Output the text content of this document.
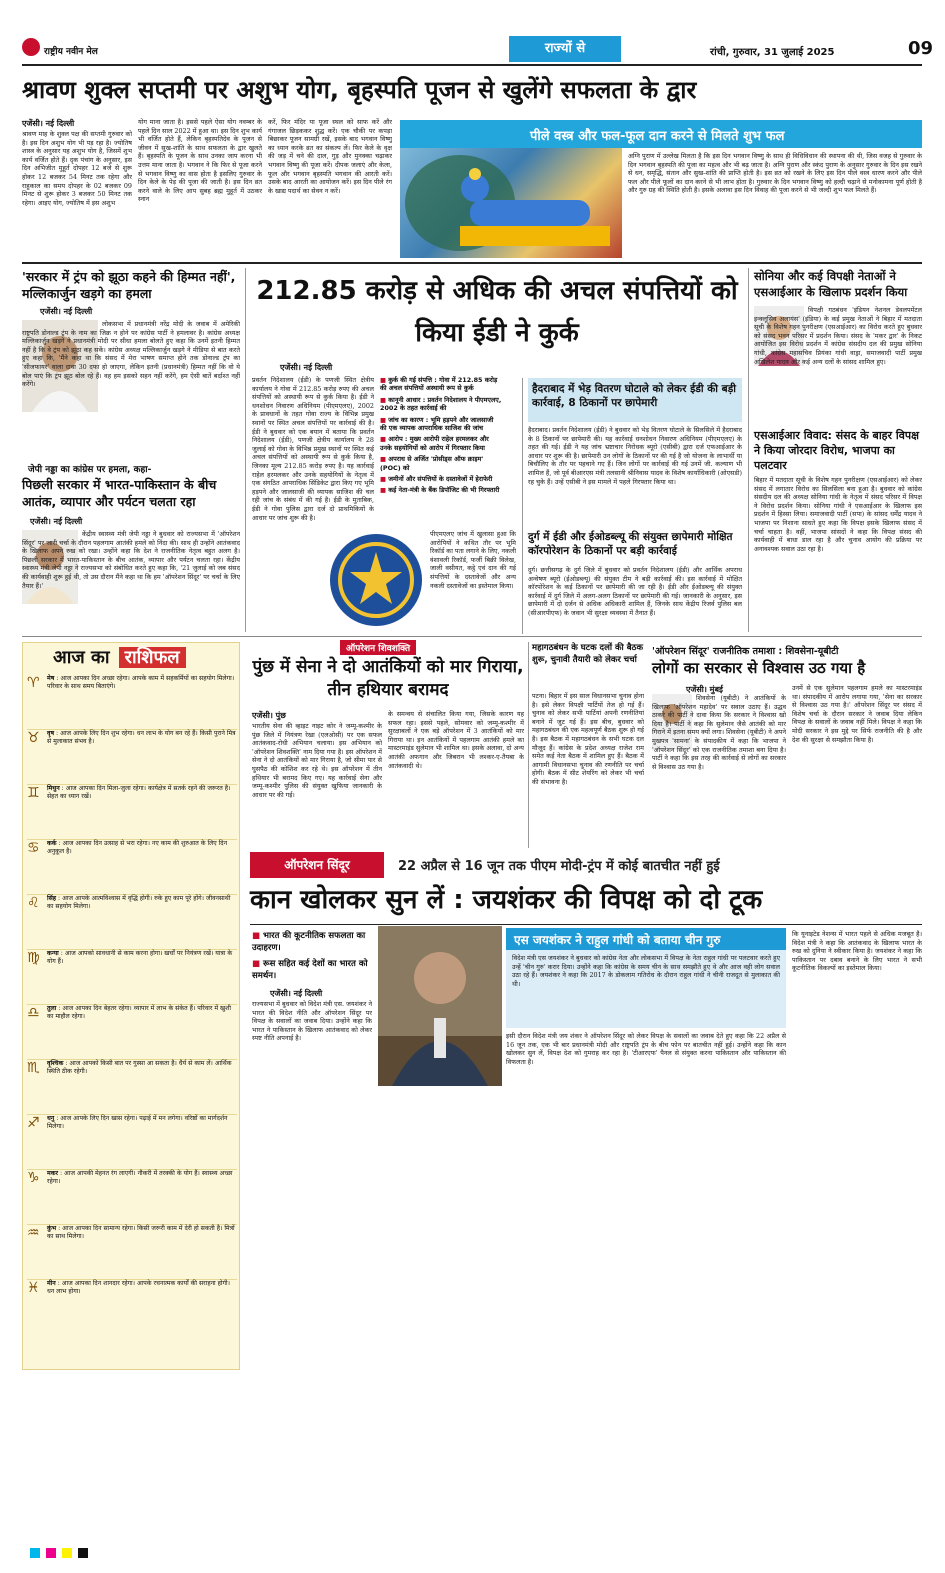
राष्ट्रीय नवीन मेल	राज्यों से	रांची, गुरुवार, 31 जुलाई 2025	09
श्रावण शुक्ल सप्तमी पर अशुभ योग, बृहस्पति पूजन से खुलेंगे सफलता के द्वार
एजेंसी। नई दिल्ली
श्रावण माह के शुक्ल पक्ष की सप्तमी गुरुवार को है। इस दिन अशुभ योग भी पड़ रहा है। ज्योतिष शास्त्र के अनुसार यह अशुभ योग है, जिसमें शुभ कार्य वर्जित होते हैं। दृक पंचांग के अनुसार, इस दिन अभिजीत मुहूर्त दोपहर 12 बजे से शुरू होकर 12 बजकर 54 मिनट तक रहेगा और राहुकाल का समय दोपहर के 02 बजकर 09 मिनट से शुरू होकर 3 बजकर 50 मिनट तक रहेगा। आइए योग, ज्योतिष में इस अशुभ
योग माना जाता है। इससे पहले ऐसा योग नवम्बर के पहले दिन साल 2022 में हुआ था। इस दिन शुभ कार्य भी वर्जित होते हैं, लेकिन बृहस्पतिदेव के पूजन से जीवन में सुख-शांति के साथ सफलता के द्वार खुलते हैं। बृहस्पति के पूजन के साथ उनका जाप करना भी उत्तम माना जाता है। भगवान ने कि फिर से पूजा करने से भगवान विष्णु का वास होता है इसलिए गुरुवार के दिन केले के पेड़ की पूजा की जाती है। इस दिन व्रत करने वाले के लिए आप सुबह ब्रह्म मुहूर्त में उठकर स्नान
करें, फिर मंदिर या पूजा स्थल को साफ करें और गंगाजल छिड़ककर शुद्ध करें। एक चौकी पर कपड़ा बिछाकर पूजन सामग्री रखें, इसके बाद भगवान विष्णु का ध्यान करके व्रत का संकल्प लें। फिर केले के वृक्ष की जड़ में चने की दाल, गुड़ और मुनक्का चढ़ाकर भगवान विष्णु की पूजा करें। दीपक जलाएं और केला, फूल और भगवान बृहस्पति भगवान की आरती करें। उसके बाद आरती का आयोजन करें। इस दिन पीले रंग के खाद्य पदार्थ का सेवन न करें।
पीले वस्त्र और फल-फूल दान करने से मिलते शुभ फल
अग्नि पुराण में उल्लेख मिलता है कि इस दिन भगवान विष्णु के साथ ही विधिविधान की स्थापना की थी, जिस वजह से गुरुवार के दिन भगवान बृहस्पति की पूजा का महत्व और भी बढ़ जाता है। अग्नि पुराण और स्कंद पुराण के अनुसार गुरुवार के दिन इस रखने से धन, समृद्धि, संतान और सुख-शांति की प्राप्ति होती है। इस व्रत को रखने के लिए इस दिन पीले वस्त्र धारण करने और पीले फल और पीले फूलों का दान करने से भी लाभ होता है। गुरुवार के दिन भगवान विष्णु को हल्दी चढ़ाने से मनोकामना पूर्ण होती है और गुरु ग्रह की स्थिति होती है। इसके अलावा इस दिन विवाह की पूजा करने से भी जल्दी शुभ फल मिलते हैं।
'सरकार में ट्रंप को झूठा कहने की हिम्मत नहीं', मल्लिकार्जुन खड़गे का हमला
एजेंसी। नई दिल्ली
लोकसभा में प्रधानमंत्री नरेंद्र मोदी के जवाब में अमेरिकी राष्ट्रपति डोनाल्ड ट्रंप के नाम का जिक्र न होने पर कांग्रेस पार्टी ने हमलावर है। कांग्रेस अध्यक्ष मल्लिकार्जुन खड़गे ने प्रधानमंत्री मोदी पर सीधा हमला बोलते हुए कहा कि उनमें इतनी हिम्मत नहीं है कि वे ट्रंप को झूठा कह सकें। कांग्रेस अध्यक्ष मल्लिकार्जुन खड़गे ने मीडिया से बात करते हुए कहा कि, 'मैंने कहा था कि संसद में मेरा भाषण समाप्त होने तक डोनाल्ड ट्रंप का 'सीजफायर' वाला दावा 30 दफा हो जाएगा, लेकिन इतनी (प्रधानमंत्री) हिम्मत नहीं कि वो ये बोल पाएं कि ट्रंप झूठ बोल रहे हैं। वह हम इसको सहन नहीं करेंगे, हम ऐसी बातें बर्दाश्त नहीं करेंगे।
जेपी नड्डा का कांग्रेस पर हमला, कहा-
पिछली सरकार में भारत-पाकिस्तान के बीच आतंक, व्यापार और पर्यटन चलता रहा
एजेंसी। नई दिल्ली
केंद्रीय स्वास्थ्य मंत्री जेपी नड्डा ने बुधवार को राज्यसभा में 'ऑपरेशन सिंदूर' पर जारी चर्चा के दौरान पहलगाम आतंकी हमले को निंदा की। साथ ही उन्होंने आतंकवाद के खिलाफ अपने रुख को रखा। उन्होंने कहा कि देश ने राजनीतिक नेतृत्व बहुत अलग है। पिछली सरकार में भारत-पाकिस्तान के बीच आतंक, व्यापार और पर्यटन चलता रहा। केंद्रीय स्वास्थ्य मंत्री जेपी नड्डा ने राज्यसभा को संबोधित करते हुए कहा कि, '21 जुलाई को जब संसद की कार्यवाही शुरू हुई थी, तो उस दौरान मैंने कहा था कि हम 'ऑपरेशन सिंदूर' पर चर्चा के लिए तैयार हैं।'
212.85 करोड़ से अधिक की अचल संपत्तियों को किया ईडी ने कुर्क
एजेंसी। नई दिल्ली
प्रवर्तन निदेशालय (ईडी) के पणजी स्थित क्षेत्रीय कार्यालय ने गोवा में 212.85 करोड़ रुपए की अचल संपत्तियों को अस्थायी रूप से कुर्क किया है। ईडी ने धनशोधन निवारण अधिनियम (पीएमएलए), 2002 के प्रावधानों के तहत गोवा राज्य के विभिन्न प्रमुख स्थानों पर स्थित अचल संपत्तियों पर कार्रवाई की है। ईडी ने बुधवार को एक बयान में बताया कि प्रवर्तन निदेशालय (ईडी), पणजी क्षेत्रीय कार्यालय ने 28 जुलाई को गोवा के विभिन्न प्रमुख स्थानों पर स्थित कई अचल संपत्तियों को अस्थायी रूप से कुर्क किया है, जिनका मूल्य 212.85 करोड़ रुपए है। यह कार्रवाई राहेल हरमलकर और उनके सहयोगियों के नेतृत्व में एक संगठित आपराधिक सिंडिकेट द्वारा किए गए भूमि हड़पने और जालसाजी की व्यापक साजिश की चल रही जांच के संबंध में की गई है। ईडी के मुताबिक, ईडी ने गोवा पुलिस द्वारा दर्ज दो प्राथमिकियों के आधार पर जांच शुरू की है।
■ कुर्क की गई संपत्ति : गोवा में 212.85 करोड़ की अचल संपत्तियों अस्थायी रूप से कुर्क
■ कानूनी आधार : प्रवर्तन निदेशालय ने पीएमएलए, 2002 के तहत कार्रवाई की
■ जांच का कारण : भूमि हड़पने और जालसाजी की एक व्यापक आपराधिक साजिश की जांच
■ आरोप : मुख्य आरोपी राहेल हरमलकर और उनके सहयोगियों को आरोप में गिरफ्तार किया
■ अपराध से अर्जित 'प्रोसीड्स ऑफ क्राइम' (POC) को
■ जमीनों और संपत्तियों के दस्तावेजों में हेराफेरी
■ कई नेता-मंत्री के बैंक डिपॉजिट की भी गिरफ्तारी
पीएमएलए जांच में खुलासा हुआ कि आरोपियों ने कथित तौर पर भूमि रिकॉर्ड का पता लगाने के लिए, नकली वंशावली रिकॉर्ड, फर्जी बिक्री विलेख, जाली वसीयत, कट्ठे एवं दान की गई संपत्तियों के दस्तावेजों और अन्य नकली दस्तावेजों का इस्तेमाल किया।
हैदराबाद में भेड़ वितरण घोटाले को लेकर ईडी की बड़ी कार्रवाई, 8 ठिकानों पर छापेमारी
हैदराबाद। प्रवर्तन निदेशालय (ईडी) ने बुधवार को भेड़ वितरण घोटाले के सिलसिले में हैदराबाद के 8 ठिकानों पर छापेमारी की। यह कार्रवाई धनशोधन निवारण अधिनियम (पीएमएलए) के तहत की गई। ईडी ने यह जांच भ्रष्टाचार निरोधक ब्यूरो (एसीबी) द्वारा दर्ज एफआईआर के आधार पर शुरू की है। छापेमारी उन लोगों के ठिकानों पर की गई है जो योजना के लाभार्थी या बिचौलिए के तौर पर पहचाने गए हैं। जिन लोगों पर कार्रवाई की गई उनमें जी. कल्याण भी शामिल हैं, जो पूर्व बीआरएस मंत्री तलसानी श्रीनिवास यादव के विशेष कार्याधिकारी (ओएसडी) रह चुके हैं। उन्हें एसीबी ने इस मामले में पहले गिरफ्तार किया था।
दुर्ग में ईडी और ईओडब्ल्यू की संयुक्त छापेमारी मोक्षित कॉरपोरेशन के ठिकानों पर बड़ी कार्रवाई
दुर्ग। छत्तीसगढ़ के दुर्ग जिले में बुधवार को प्रवर्तन निदेशालय (ईडी) और आर्थिक अपराध अन्वेषण ब्यूरो (ईओडब्ल्यू) की संयुक्त टीम ने बड़ी कार्रवाई की। इस कार्रवाई में मोक्षित कॉरपोरेशन के कई ठिकानों पर छापेमारी की जा रही है। ईडी और ईओडब्ल्यू की संयुक्त कार्रवाई में दुर्ग जिले में अलग-अलग ठिकानों पर छापेमारी की गई। जानकारी के अनुसार, इस छापेमारी में दो दर्जन से अधिक अधिकारी शामिल हैं, जिनके साथ केंद्रीय रिजर्व पुलिस बल (सीआरपीएफ) के जवान भी सुरक्षा व्यवस्था में तैनात हैं।
सोनिया और कई विपक्षी नेताओं ने एसआईआर के खिलाफ प्रदर्शन किया
विपक्षी गठबंधन 'इंडियन नेशनल डेवलपमेंटल इन्क्लूसिव अलायंस' (इंडिया) के कई प्रमुख नेताओं ने बिहार में मतदाता सूची के विशेष गहन पुनरीक्षण (एसआईआर) का विरोध करते हुए बुधवार को संसद भवन परिसर में प्रदर्शन किया। संसद के 'मकर द्वार' के निकट आयोजित इस विरोध प्रदर्शन में कांग्रेस संसदीय दल की प्रमुख सोनिया गांधी, कांग्रेस महासचिव प्रियंका गांधी वाड्रा, समाजवादी पार्टी प्रमुख अखिलेश यादव और कई अन्य दलों के सांसद शामिल हुए।
एसआईआर विवाद: संसद के बाहर विपक्ष ने किया जोरदार विरोध, भाजपा का पलटवार
बिहार में मतदाता सूची के विशेष गहन पुनरीक्षण (एसआईआर) को लेकर संसद में लगातार विरोध का सिलसिला बना हुआ है। बुधवार को कांग्रेस संसदीय दल की अध्यक्ष सोनिया गांधी के नेतृत्व में संसद परिसर में विपक्ष ने विरोध प्रदर्शन किया। सोनिया गांधी ने एसआईआर के खिलाफ इस प्रदर्शन में हिस्सा लिया। समाजवादी पार्टी (सपा) के सांसद धर्मेंद्र यादव ने भाजपा पर निशाना साधते हुए कहा कि विपक्ष इसके खिलाफ संसद में चर्चा चाहता है। वहीं, भाजपा सांसदों ने कहा कि विपक्ष संसद की कार्यवाही में बाधा डाल रहा है और चुनाव आयोग की प्रक्रिया पर अनावश्यक सवाल उठा रहा है।
आज का राशिफल
♈	मेष : आज आपका दिन अच्छा रहेगा। आपके काम में सहकर्मियों का सहयोग मिलेगा। परिवार के साथ समय बिताएंगे।
♉	वृष : आज आपके लिए दिन शुभ रहेगा। धन लाभ के योग बन रहे हैं। किसी पुराने मित्र से मुलाकात संभव है।
♊	मिथुन : आज आपका दिन मिला-जुला रहेगा। कार्यक्षेत्र में सतर्क रहने की जरूरत है। सेहत का ध्यान रखें।
♋	कर्क : आज आपका दिन उत्साह से भरा रहेगा। नए काम की शुरुआत के लिए दिन अनुकूल है।
♌	सिंह : आज आपके आत्मविश्वास में वृद्धि होगी। रुके हुए काम पूरे होंगे। जीवनसाथी का सहयोग मिलेगा।
♍	कन्या : आज आपको सावधानी से काम करना होगा। खर्चों पर नियंत्रण रखें। यात्रा के योग हैं।
♎	तुला : आज आपका दिन बेहतर रहेगा। व्यापार में लाभ के संकेत हैं। परिवार में खुशी का माहौल रहेगा।
♏	वृश्चिक : आज आपको किसी बात पर गुस्सा आ सकता है। धैर्य से काम लें। आर्थिक स्थिति ठीक रहेगी।
♐	धनु : आज आपके लिए दिन खास रहेगा। पढ़ाई में मन लगेगा। वरिष्ठों का मार्गदर्शन मिलेगा।
♑	मकर : आज आपकी मेहनत रंग लाएगी। नौकरी में तरक्की के योग हैं। स्वास्थ्य अच्छा रहेगा।
♒	कुंभ : आज आपका दिन सामान्य रहेगा। किसी जरूरी काम में देरी हो सकती है। मित्रों का साथ मिलेगा।
♓	मीन : आज आपका दिन शानदार रहेगा। आपके रचनात्मक कार्यों की सराहना होगी। धन लाभ होगा।
ऑपरेशन शिवशक्ति
पुंछ में सेना ने दो आतंकियों को मार गिराया, तीन हथियार बरामद
एजेंसी। पुंछ
भारतीय सेना की व्हाइट नाइट कोर ने जम्मू-कश्मीर के पुंछ जिले में नियंत्रण रेखा (एलओसी) पर एक सफल आतंकवाद-रोधी अभियान चलाया। इस अभियान को 'ऑपरेशन शिवशक्ति' नाम दिया गया है। इस ऑपरेशन में सेना ने दो आतंकियों को मार गिराया है, जो सीमा पार से घुसपैठ की कोशिश कर रहे थे। इस ऑपरेशन में तीन हथियार भी बरामद किए गए। यह कार्रवाई सेना और जम्मू-कश्मीर पुलिस की संयुक्त खुफिया जानकारी के आधार पर की गई।
के समन्वय से संचालित किया गया, जिसके कारण यह सफल रहा। इससे पहले, सोमवार को जम्मू-कश्मीर में सुरक्षाबलों ने एक बड़े ऑपरेशन में 3 आतंकियों को मार गिराया था। इन आतंकियों में पहलगाम आतंकी हमले का मास्टरमाइंड सुलेमान भी शामिल था। इसके अलावा, दो अन्य आतंकी अफगान और जिबरान भी लश्कर-ए-तैयबा के आतंकवादी थे।
महागठबंधन के घटक दलों की बैठक शुरू, चुनावी तैयारी को लेकर चर्चा
पटना। बिहार में इस साल विधानसभा चुनाव होना है। इसे लेकर विपक्षी पार्टियों तेज हो गई हैं। चुनाव को लेकर सभी पार्टियां अपनी रणनीतियां बनाने में जुट गई हैं। इस बीच, बुधवार को महागठबंधन की एक महत्वपूर्ण बैठक शुरू हो गई है। इस बैठक में महागठबंधन के सभी घटक दल मौजूद हैं। कांग्रेस के प्रदेश अध्यक्ष राजेश राम समेत कई नेता बैठक में शामिल हुए हैं। बैठक में आगामी विधानसभा चुनाव की रणनीति पर चर्चा होगी। बैठक में सीट शेयरिंग को लेकर भी चर्चा की संभावना है।
'ऑपरेशन सिंदूर' राजनीतिक तमाशा : शिवसेना-यूबीटी
लोगों का सरकार से विश्वास उठ गया है
एजेंसी। मुंबई
शिवसेना (यूबीटी) ने आतंकियों के खिलाफ 'ऑपरेशन महादेव' पर सवाल उठाए हैं। उद्धव ठाकरे की पार्टी ने दावा किया कि सरकार ने विश्वास खो दिया है। पार्टी ने कहा कि सुलेमान जैसे आतंकी को मार गिराने में इतना समय क्यों लगा। शिवसेना (यूबीटी) ने अपने मुखपत्र 'सामना' के संपादकीय में कहा कि भाजपा ने 'ऑपरेशन सिंदूर' को एक राजनीतिक तमाशा बना दिया है। पार्टी ने कहा कि इस तरह की कार्रवाई से लोगों का सरकार से विश्वास उठ गया है।
उनमें से एक सुलेमान पहलगाम हमले का मास्टरमाइंड था। संपादकीय में आरोप लगाया गया, 'सेना का सरकार से विश्वास उठ गया है।' ऑपरेशन सिंदूर पर संसद में विशेष चर्चा के दौरान सरकार ने जवाब दिया लेकिन विपक्ष के सवालों के जवाब नहीं मिले। विपक्ष ने कहा कि मोदी सरकार ने इस मुद्दे पर सिर्फ राजनीति की है और देश की सुरक्षा से समझौता किया है।
ऑपरेशन सिंदूर	22 अप्रैल से 16 जून तक पीएम मोदी-ट्रंप में कोई बातचीत नहीं हुई
कान खोलकर सुन लें : जयशंकर की विपक्ष को दो टूक
■ भारत की कूटनीतिक सफलता का उदाहरण।
■ रूस सहित कई देशों का भारत को समर्थन।
एजेंसी। नई दिल्ली
राज्यसभा में बुधवार को विदेश मंत्री एस. जयशंकर ने भारत की विदेश नीति और ऑपरेशन सिंदूर पर विपक्ष के सवालों का जवाब दिया। उन्होंने कहा कि भारत ने पाकिस्तान के खिलाफ आतंकवाद को लेकर स्पष्ट नीति अपनाई है।
एस जयशंकर ने राहुल गांधी को बताया चीन गुरु
विदेश मंत्री एस जयशंकर ने बुधवार को कांग्रेस नेता और लोकसभा में विपक्ष के नेता राहुल गांधी पर पलटवार करते हुए उन्हें 'चीन गुरु' करार दिया। उन्होंने कहा कि कांग्रेस के समय चीन के साथ समझौते हुए थे और आज वही लोग सवाल उठा रहे हैं। जयशंकर ने कहा कि 2017 के डोकलाम गतिरोध के दौरान राहुल गांधी ने चीनी राजदूत से मुलाकात की थी।
इसी दौरान विदेश मंत्री जय शंकर ने ऑपरेशन सिंदूर को लेकर विपक्ष के सवालों का जवाब देते हुए कहा कि 22 अप्रैल से 16 जून तक, एक भी बार प्रधानमंत्री मोदी और राष्ट्रपति ट्रंप के बीच फोन पर बातचीत नहीं हुई। उन्होंने कहा कि कान खोलकर सुन लें, विपक्ष देश को गुमराह कर रहा है। 'टीआरएफ' पैनल से संयुक्त करना पाकिस्तान और पाकिस्तान की विफलता है।
कि यूनाइटेड नेशन्स में भारत पहले से अधिक मजबूत है। विदेश मंत्री ने कहा कि आतंकवाद के खिलाफ भारत के रुख को दुनिया ने स्वीकार किया है। जयशंकर ने कहा कि पाकिस्तान पर दबाव बनाने के लिए भारत ने सभी कूटनीतिक विकल्पों का इस्तेमाल किया।
